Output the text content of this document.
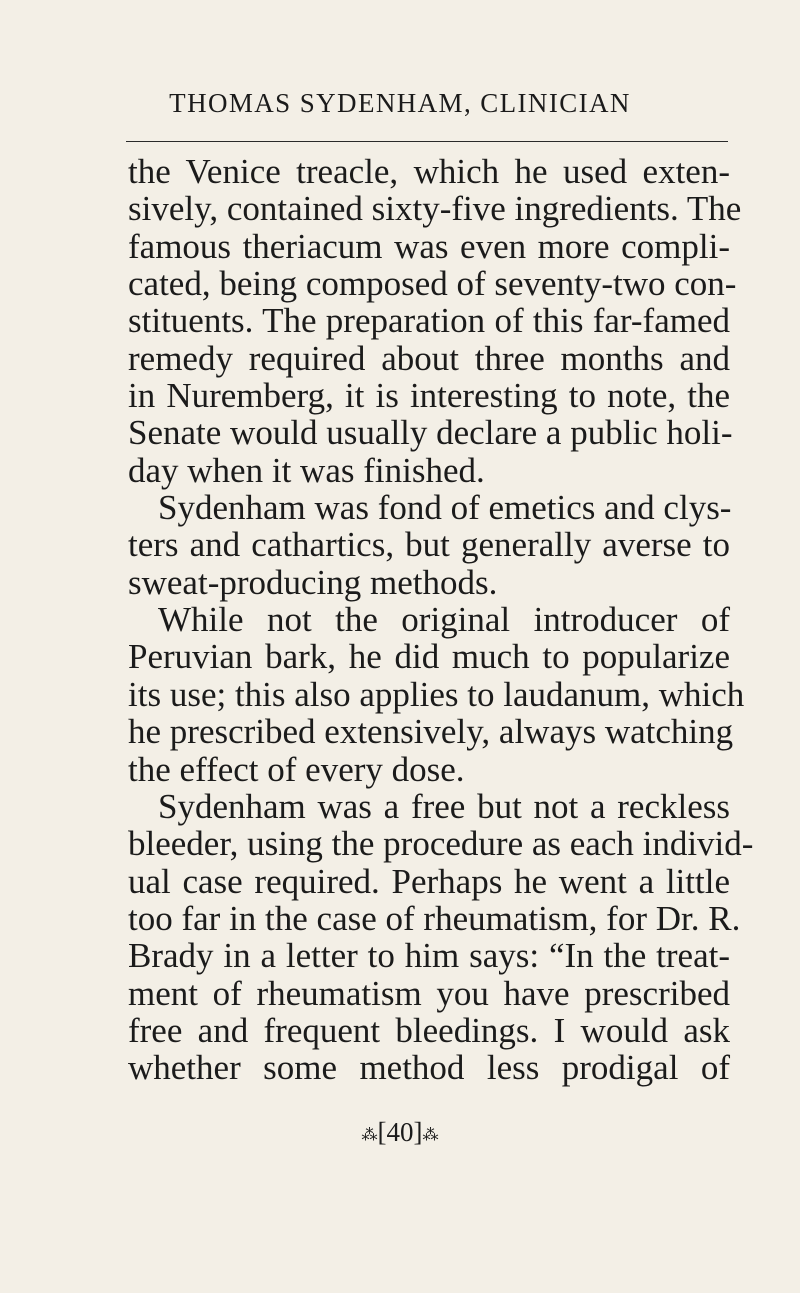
THOMAS SYDENHAM, CLINICIAN
the Venice treacle, which he used exten-
sively, contained sixty-five ingredients. The
famous theriacum was even more compli-
cated, being composed of seventy-two con-
stituents. The preparation of this far-famed
remedy required about three months and
in Nuremberg, it is interesting to note, the
Senate would usually declare a public holi-
day when it was finished.
Sydenham was fond of emetics and clys-
ters and cathartics, but generally averse to
sweat-producing methods.
While not the original introducer of
Peruvian bark, he did much to popularize
its use; this also applies to laudanum, which
he prescribed extensively, always watching
the effect of every dose.
Sydenham was a free but not a reckless
bleeder, using the procedure as each individ-
ual case required. Perhaps he went a little
too far in the case of rheumatism, for Dr. R.
Brady in a letter to him says: “In the treat-
ment of rheumatism you have prescribed
free and frequent bleedings. I would ask
whether some method less prodigal of
⁂[40]⁂
